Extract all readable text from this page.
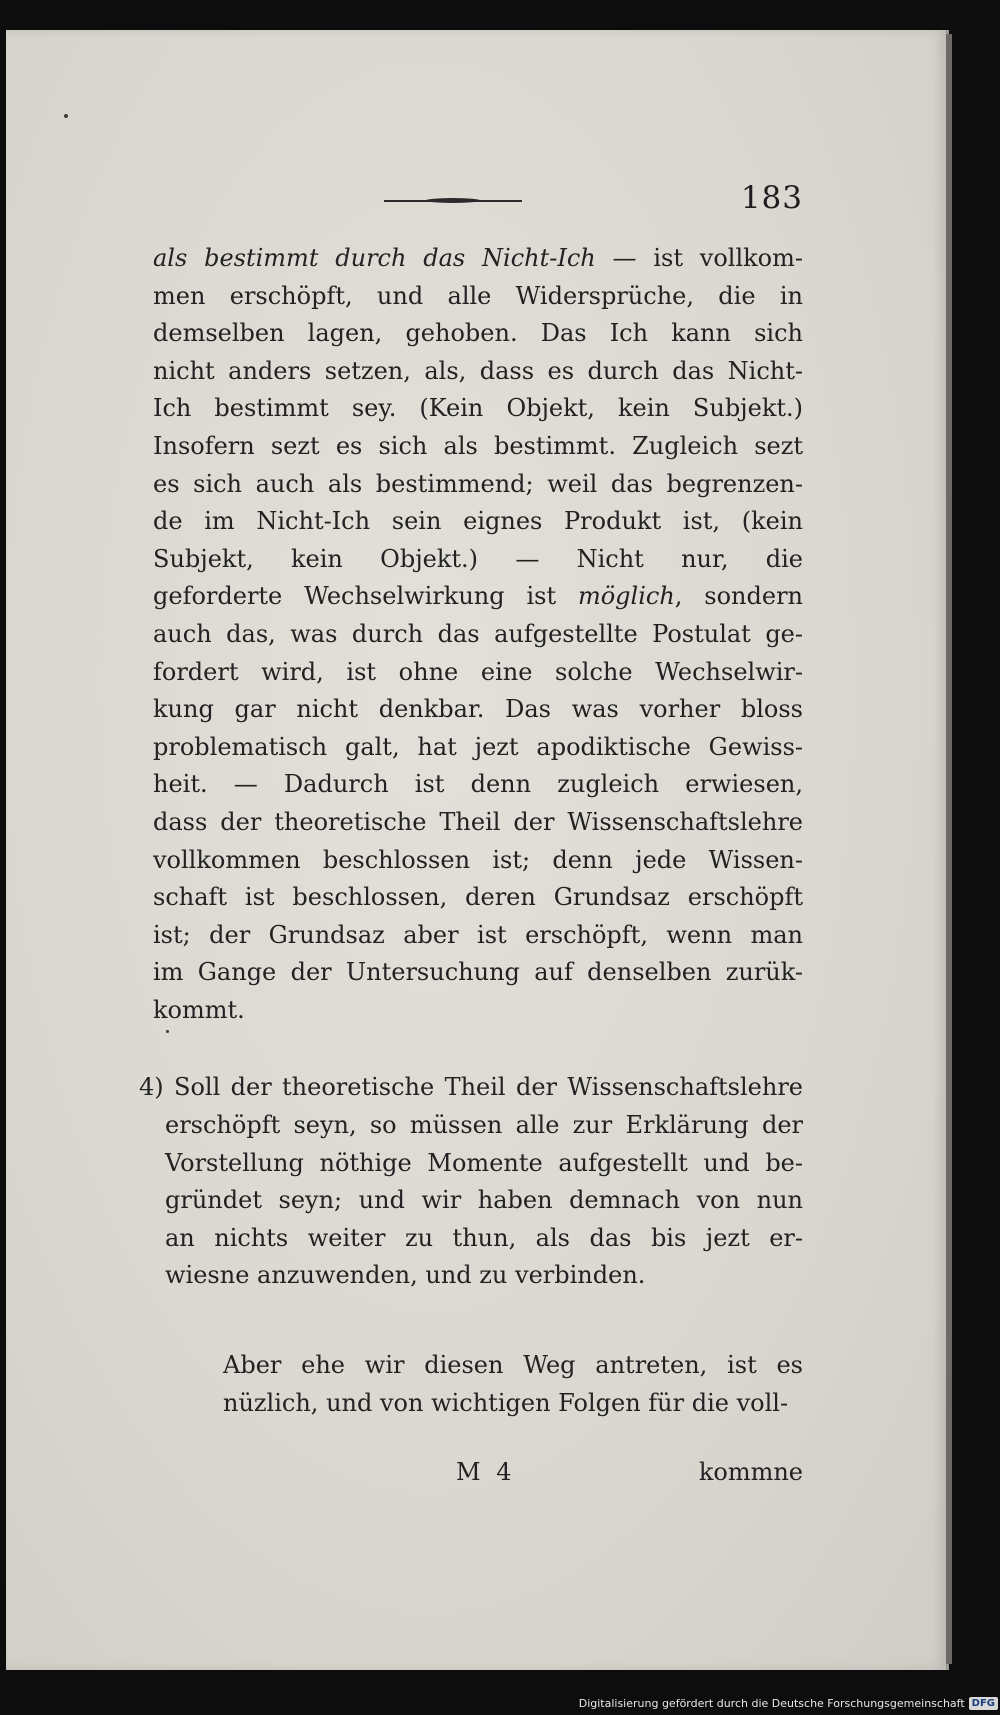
183
als bestimmt durch das Nicht-Ich — ist vollkom-
men erschöpft, und alle Widersprüche, die in
demselben lagen, gehoben. Das Ich kann sich
nicht anders setzen, als, dass es durch das Nicht-
Ich bestimmt sey. (Kein Objekt, kein Subjekt.)
Insofern sezt es sich als bestimmt. Zugleich sezt
es sich auch als bestimmend; weil das begrenzen-
de im Nicht-Ich sein eignes Produkt ist, (kein
Subjekt, kein Objekt.) — Nicht nur, die
geforderte Wechselwirkung ist möglich, sondern
auch das, was durch das aufgestellte Postulat ge-
fordert wird, ist ohne eine solche Wechselwir-
kung gar nicht denkbar. Das was vorher bloss
problematisch galt, hat jezt apodiktische Gewiss-
heit. — Dadurch ist denn zugleich erwiesen,
dass der theoretische Theil der Wissenschaftslehre
vollkommen beschlossen ist; denn jede Wissen-
schaft ist beschlossen, deren Grundsaz erschöpft
ist; der Grundsaz aber ist erschöpft, wenn man
im Gange der Untersuchung auf denselben zurük-
kommt.
4) Soll der theoretische Theil der Wissenschaftslehre
erschöpft seyn, so müssen alle zur Erklärung der
Vorstellung nöthige Momente aufgestellt und be-
gründet seyn; und wir haben demnach von nun
an nichts weiter zu thun, als das bis jezt er-
wiesne anzuwenden, und zu verbinden.
Aber ehe wir diesen Weg antreten, ist es
nüzlich, und von wichtigen Folgen für die voll-
M 4	kommne
Digitalisierung gefördert durch die Deutsche Forschungsgemeinschaft DFG
